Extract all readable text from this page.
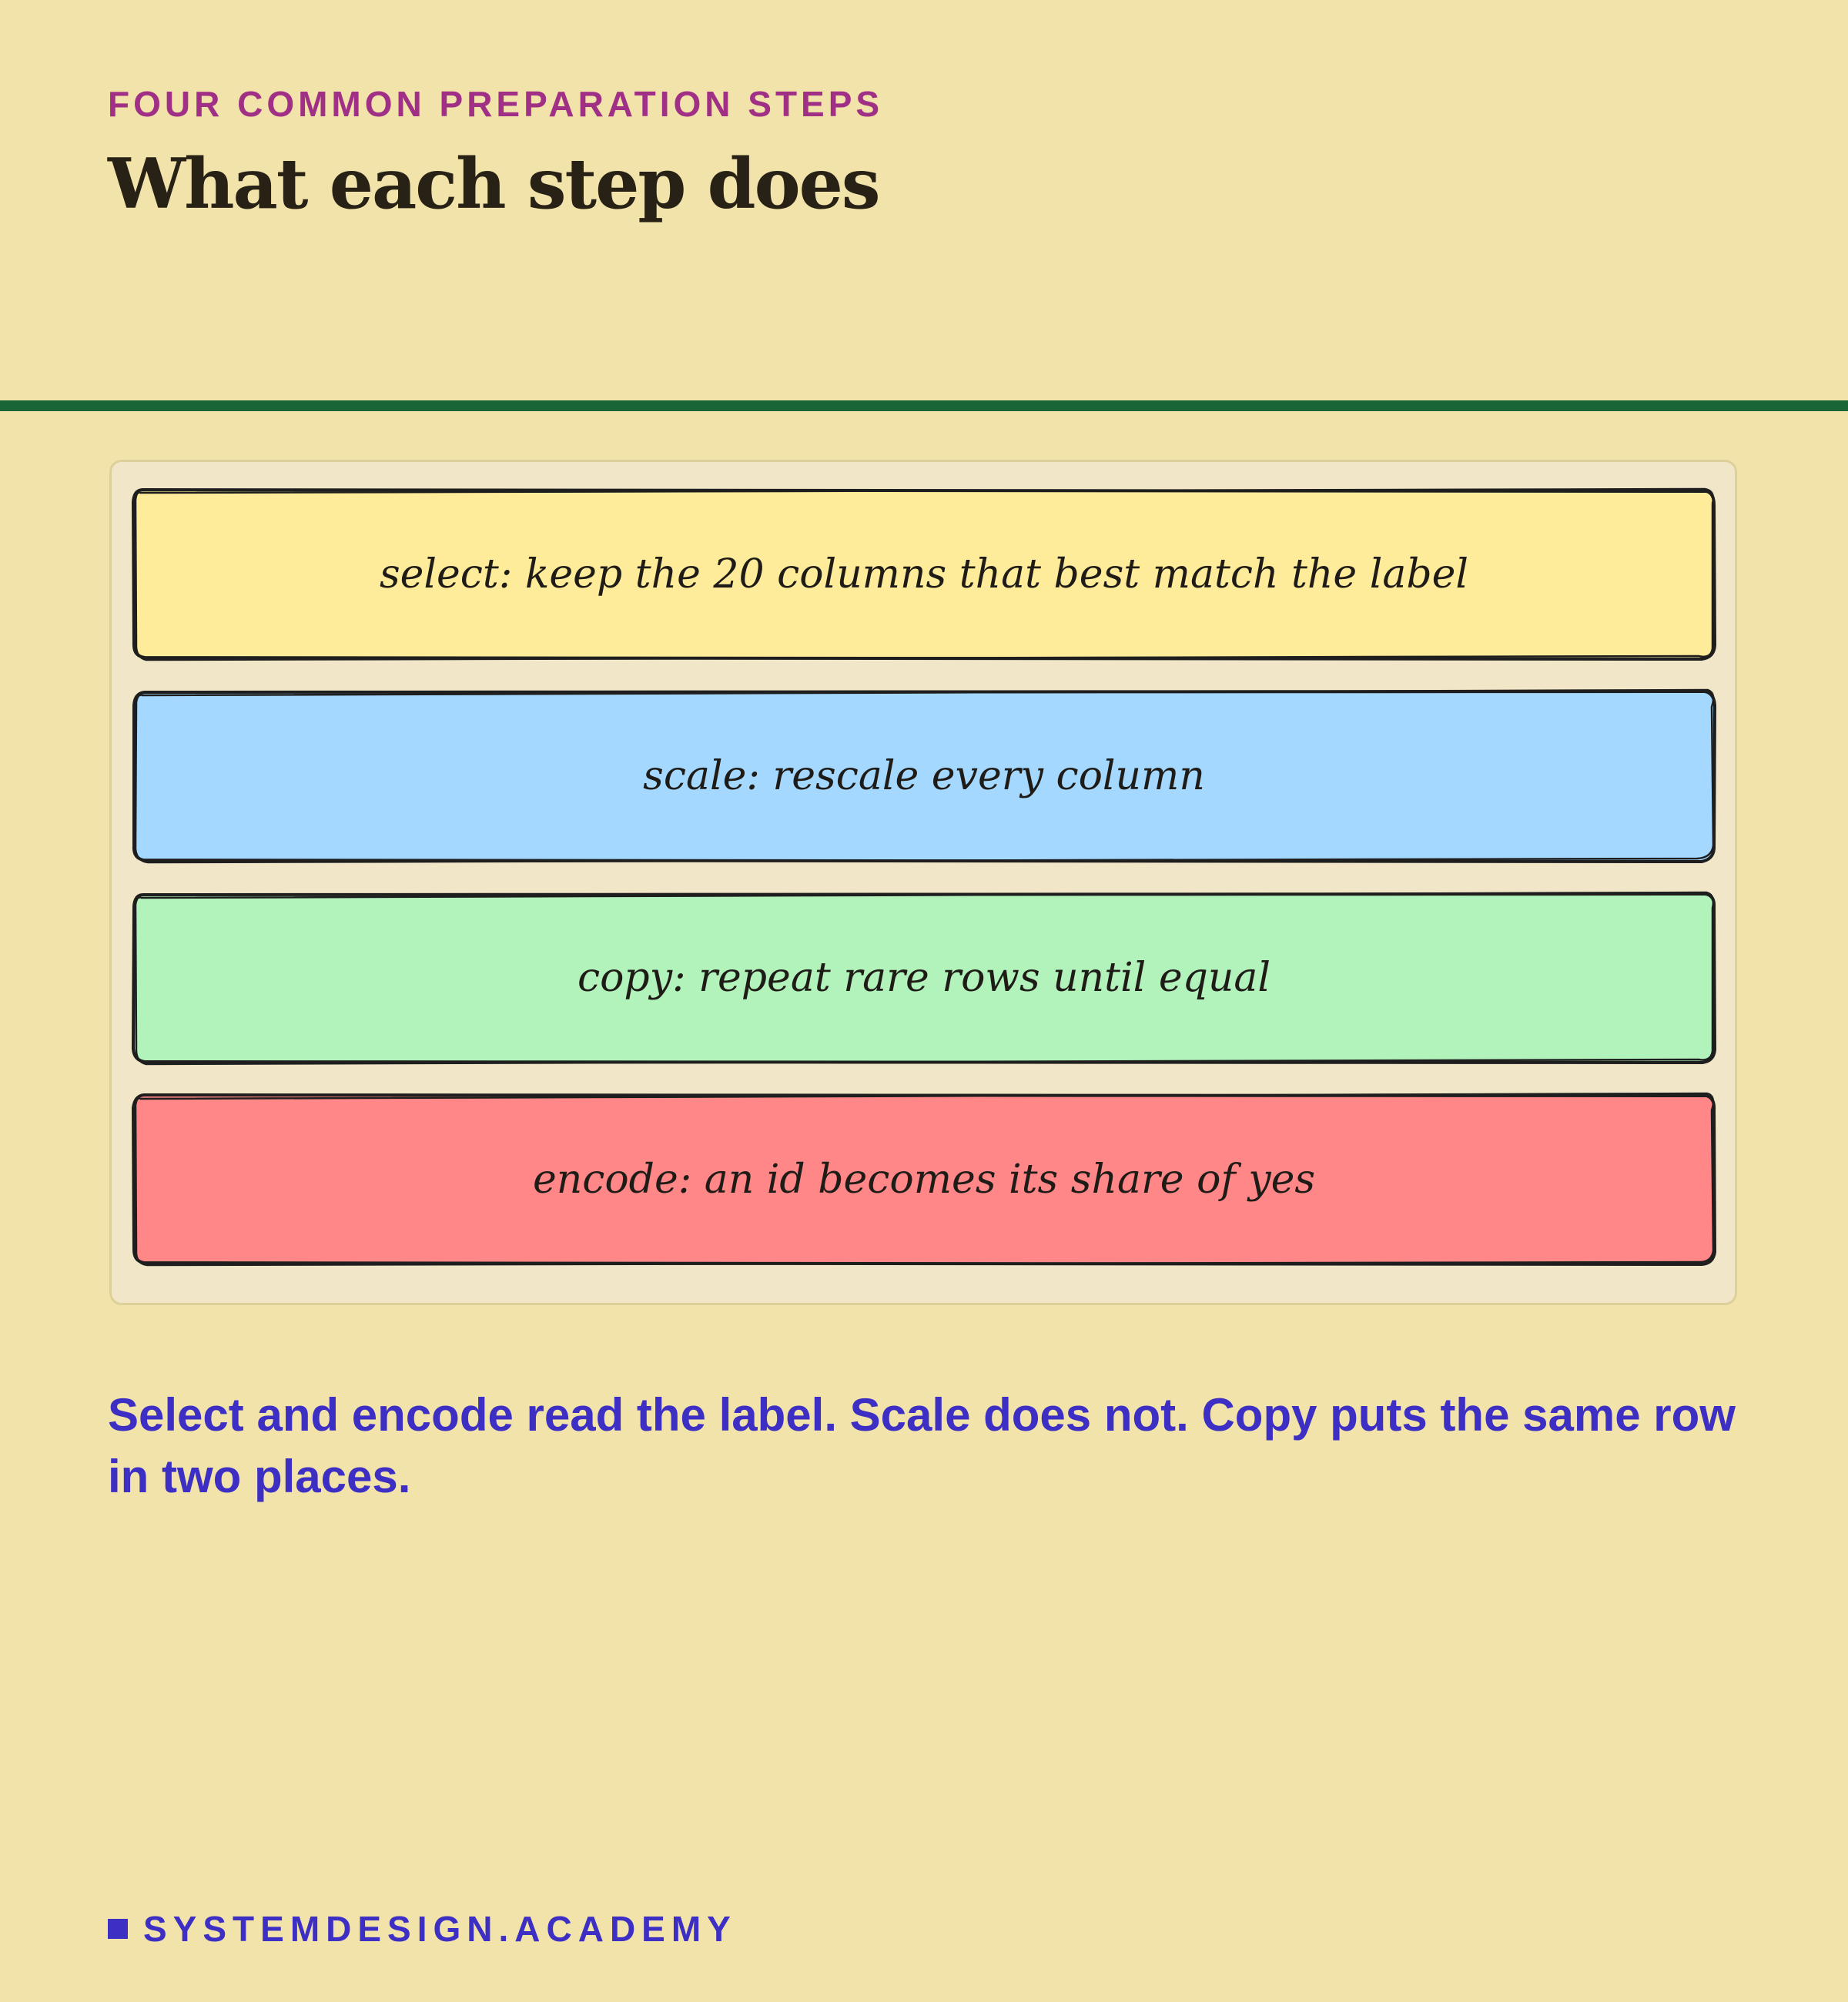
FOUR COMMON PREPARATION STEPS
What each step does
select: keep the 20 columns that best match the label
scale: rescale every column
copy: repeat rare rows until equal
encode: an id becomes its share of yes
Select and encode read the label. Scale does not. Copy puts the same row in two places.
SYSTEMDESIGN.ACADEMY
